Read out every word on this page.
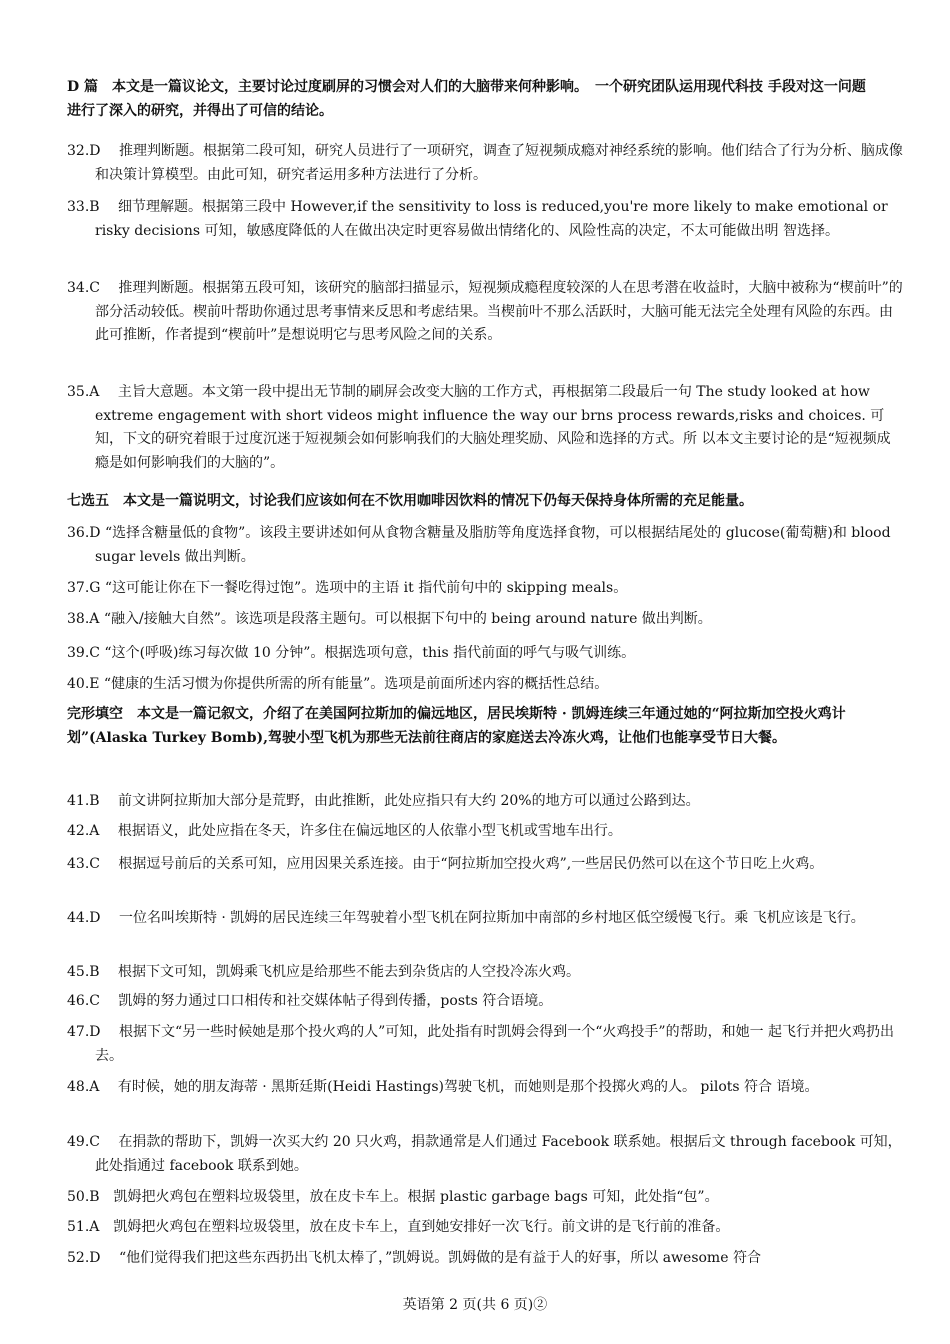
D 篇　本文是一篇议论文，主要讨论过度刷屏的习惯会对人们的大脑带来何种影响。　一个研究团队运用现代科技 手段对这一问题进行了深入的研究，并得出了可信的结论。
32.D　 推理判断题。根据第二段可知，研究人员进行了一项研究，调查了短视频成瘾对神经系统的影响。他们结合了行为分析、脑成像和决策计算模型。由此可知，研究者运用多种方法进行了分析。
33.B　 细节理解题。根据第三段中 However,if the sensitivity to loss is reduced,you're more likely to make emotional or risky decisions 可知，敏感度降低的人在做出决定时更容易做出情绪化的、风险性高的决定，不太可能做出明 智选择。
34.C　 推理判断题。根据第五段可知，该研究的脑部扫描显示，短视频成瘾程度较深的人在思考潜在收益时，大脑中被称为“楔前叶”的部分活动较低。楔前叶帮助你通过思考事情来反思和考虑结果。当楔前叶不那么活跃时，大脑可能无法完全处理有风险的东西。由此可推断，作者提到“楔前叶”是想说明它与思考风险之间的关系。
35.A　 主旨大意题。本文第一段中提出无节制的刷屏会改变大脑的工作方式，再根据第二段最后一句 The study looked at how extreme engagement with short videos might influence the way our brns process rewards,risks and choices. 可知，下文的研究着眼于过度沉迷于短视频会如何影响我们的大脑处理奖励、风险和选择的方式。所 以本文主要讨论的是“短视频成瘾是如何影响我们的大脑的”。
七选五　本文是一篇说明文，讨论我们应该如何在不饮用咖啡因饮料的情况下仍每天保持身体所需的充足能量。
36.D “选择含糖量低的食物”。该段主要讲述如何从食物含糖量及脂肪等角度选择食物，可以根据结尾处的 glucose(葡萄糖)和 blood sugar levels 做出判断。
37.G “这可能让你在下一餐吃得过饱”。选项中的主语 it 指代前句中的 skipping meals。
38.A “融入/接触大自然”。该选项是段落主题句。可以根据下句中的 being around nature 做出判断。
39.C “这个(呼吸)练习每次做 10 分钟”。根据选项句意，this 指代前面的呼气与吸气训练。
40.E “健康的生活习惯为你提供所需的所有能量”。选项是前面所述内容的概括性总结。
完形填空　本文是一篇记叙文，介绍了在美国阿拉斯加的偏远地区，居民埃斯特 · 凯姆连续三年通过她的“阿拉斯加空投火鸡计划”(Alaska Turkey Bomb),驾驶小型飞机为那些无法前往商店的家庭送去冷冻火鸡，让他们也能享受节日大餐。
41.B　 前文讲阿拉斯加大部分是荒野，由此推断，此处应指只有大约 20%的地方可以通过公路到达。
42.A　 根据语义，此处应指在冬天，许多住在偏远地区的人依靠小型飞机或雪地车出行。
43.C　 根据逗号前后的关系可知，应用因果关系连接。由于“阿拉斯加空投火鸡”,一些居民仍然可以在这个节日吃上火鸡。
44.D　 一位名叫埃斯特 · 凯姆的居民连续三年驾驶着小型飞机在阿拉斯加中南部的乡村地区低空缓慢飞行。乘 飞机应该是飞行。
45.B　 根据下文可知，凯姆乘飞机应是给那些不能去到杂货店的人空投冷冻火鸡。
46.C　 凯姆的努力通过口口相传和社交媒体帖子得到传播，posts 符合语境。
47.D　 根据下文“另一些时候她是那个投火鸡的人”可知，此处指有时凯姆会得到一个“火鸡投手”的帮助，和她一 起飞行并把火鸡扔出去。
48.A　 有时候，她的朋友海蒂 · 黑斯廷斯(Heidi Hastings)驾驶飞机，而她则是那个投掷火鸡的人。 pilots 符合 语境。
49.C　 在捐款的帮助下，凯姆一次买大约 20 只火鸡，捐款通常是人们通过 Facebook 联系她。根据后文 through facebook 可知，此处指通过 facebook 联系到她。
50.B　凯姆把火鸡包在塑料垃圾袋里，放在皮卡车上。根据 plastic garbage bags 可知，此处指“包”。
51.A　凯姆把火鸡包在塑料垃圾袋里，放在皮卡车上，直到她安排好一次飞行。前文讲的是飞行前的准备。
52.D　 “他们觉得我们把这些东西扔出飞机太棒了，”凯姆说。凯姆做的是有益于人的好事，所以 awesome 符合
英语第 2 页(共 6 页)②
